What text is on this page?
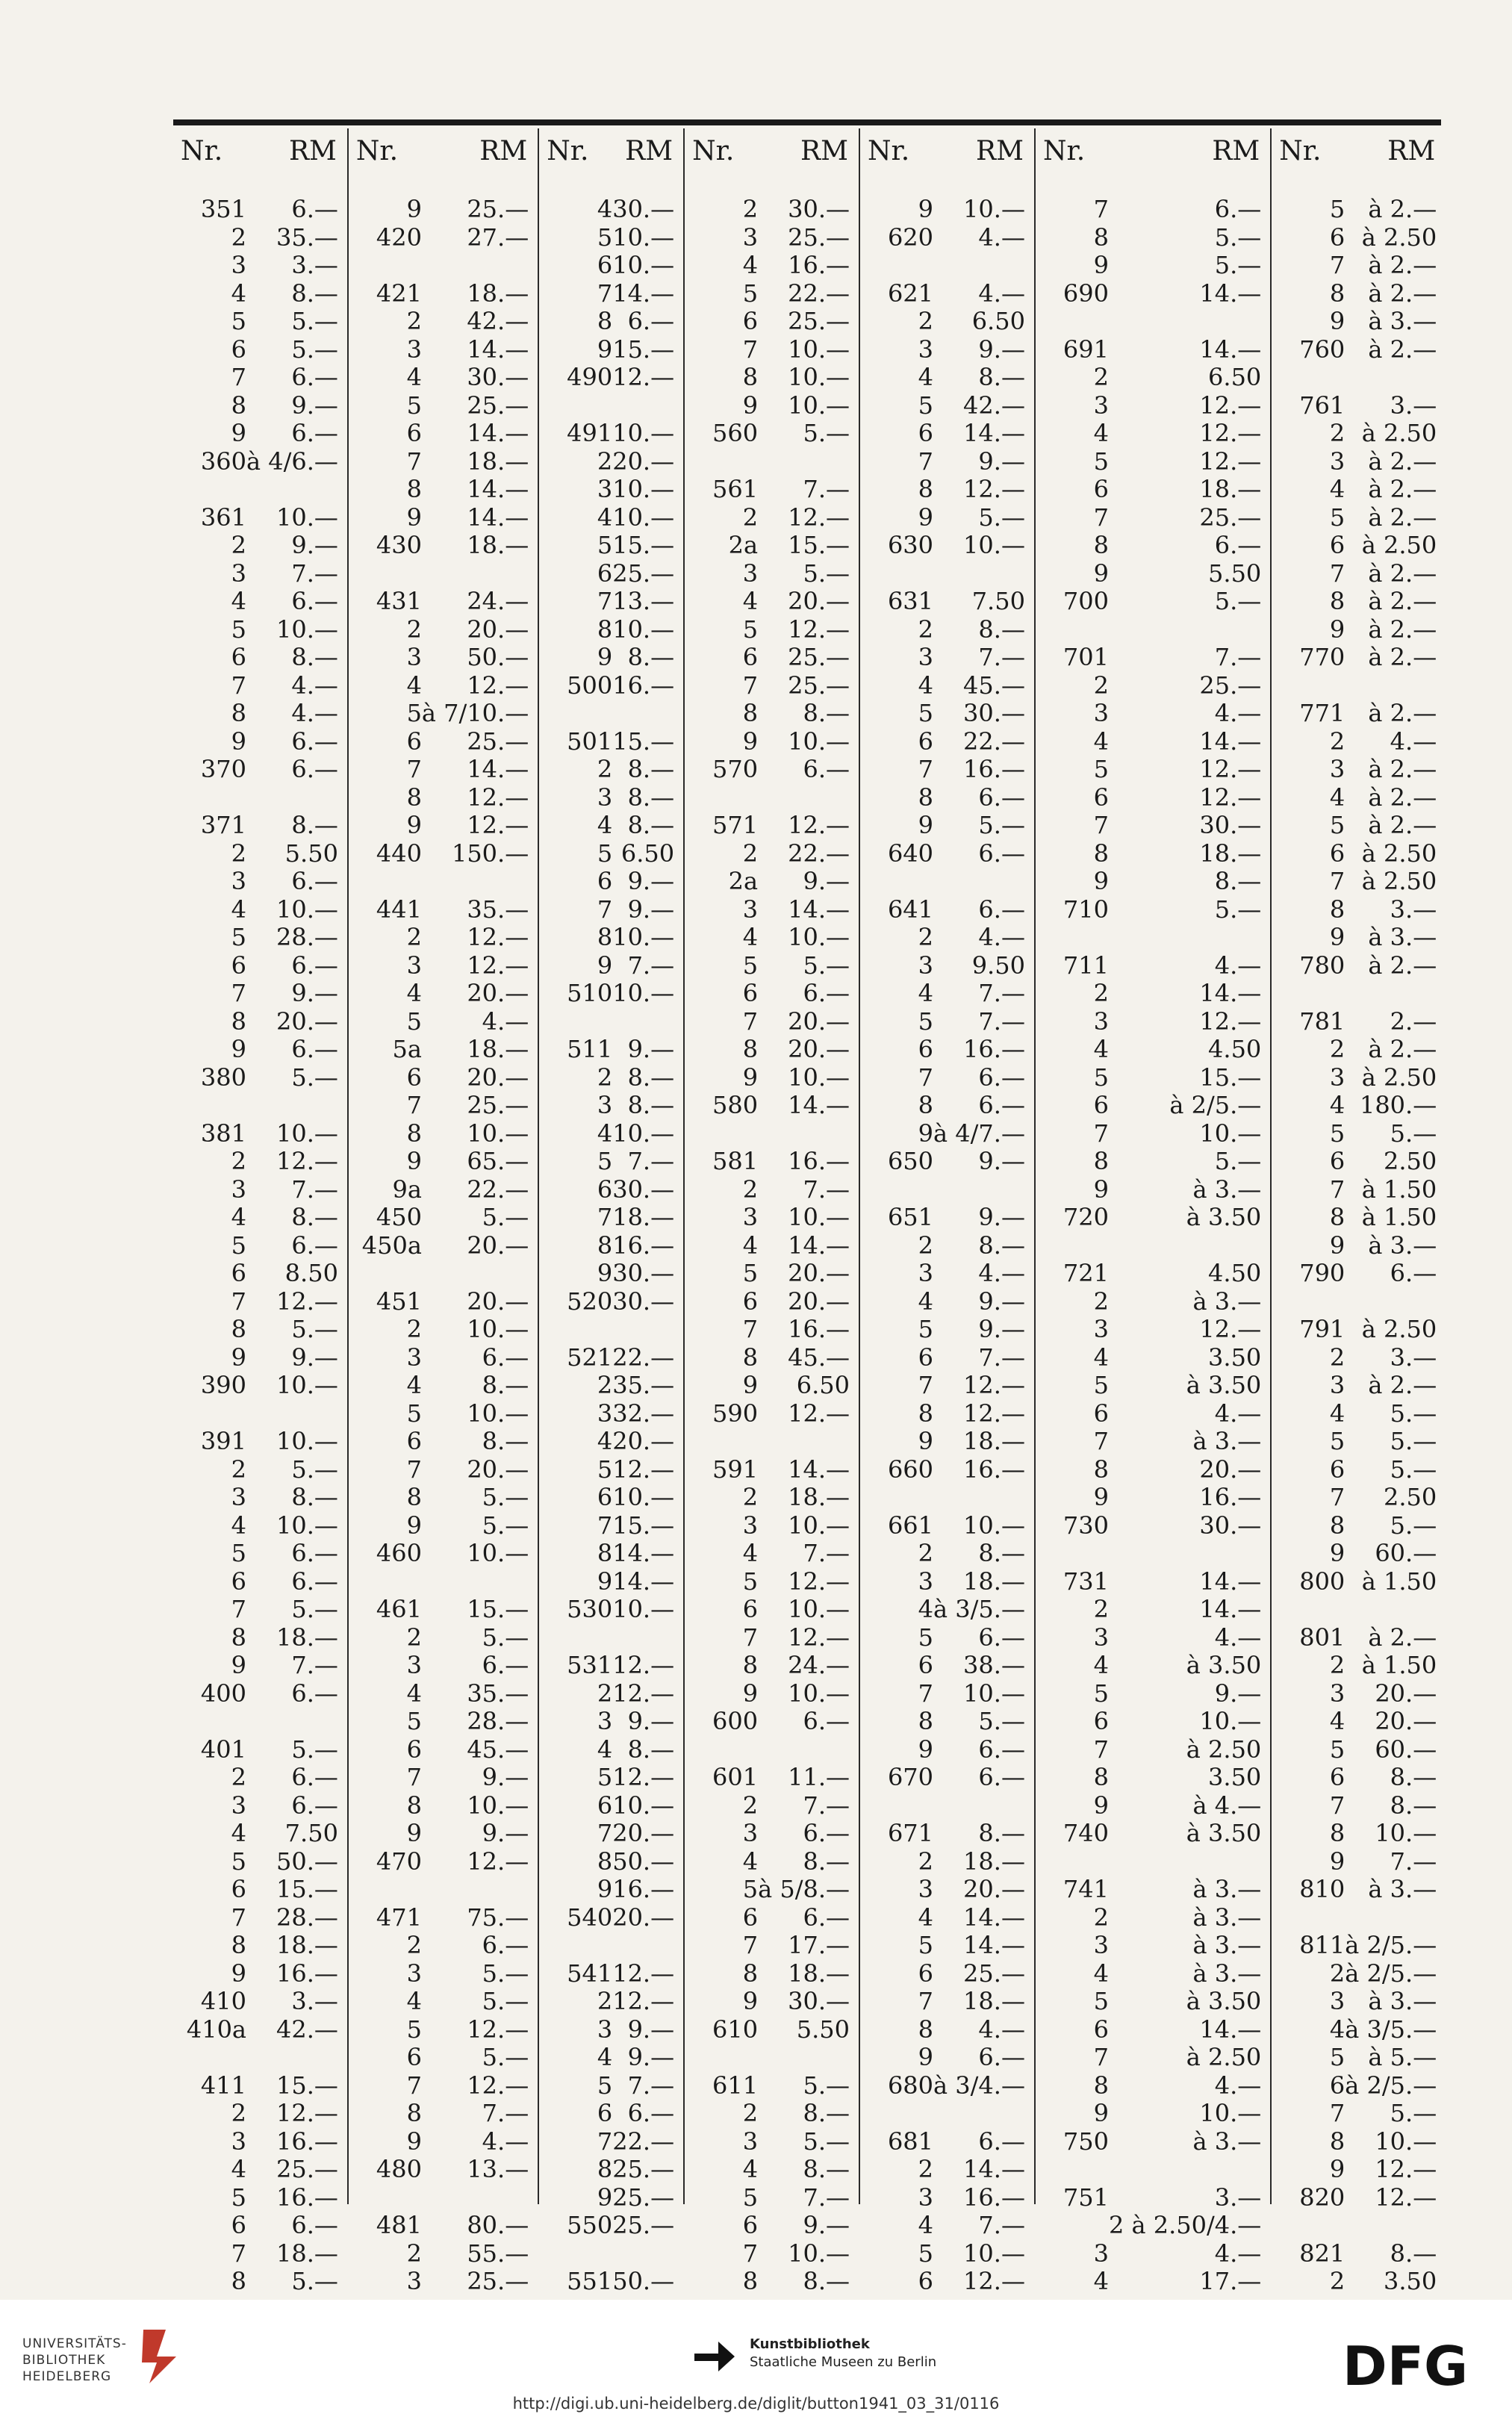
Nr. RM
351	6.—
2	35.—
3	3.—
4	8.—
5	5.—
6	5.—
7	6.—
8	9.—
9	6.—
360 à 4/6.—
361	10.—
2	9.—
3	7.—
4	6.—
5	10.—
6	8.—
7	4.—
8	4.—
9	6.—
370	6.—
371	8.—
2	5.50
3	6.—
4	10.—
5	28.—
6	6.—
7	9.—
8	20.—
9	6.—
380	5.—
381	10.—
2	12.—
3	7.—
4	8.—
5	6.—
6	8.50
7	12.—
8	5.—
9	9.—
390	10.—
391	10.—
2	5.—
3	8.—
4	10.—
5	6.—
6	6.—
7	5.—
8	18.—
9	7.—
400	6.—
401	5.—
2	6.—
3	6.—
4	7.50
5	50.—
6	15.—
7	28.—
8	18.—
9	16.—
410	3.—
410a	42.—
411	15.—
2	12.—
3	16.—
4	25.—
5	16.—
6	6.—
7	18.—
8	5.—
Nr.	RM
9	25.—
420	27.—
421	18.—
2	42.—
3	14.—
4	30.—
5	25.—
6	14.—
7	18.—
8	14.—
9	14.—
430	18.—
431	24.—
2	20.—
3	50.—
4	12.—
5 à 7/10.—
6	25.—
7	14.—
8	12.—
9	12.—
440	150.—
441	35.—
2	12.—
3	12.—
4	20.—
5	4.—
5a	18.—
6	20.—
7	25.—
8	10.—
9	65.—
9a	22.—
450	5.—
450a	20.—
451	20.—
2	10.—
3	6.—
4	8.—
5	10.—
6	8.—
7	20.—
8	5.—
9	5.—
460	10.—
461	15.—
2	5.—
3	6.—
4	35.—
5	28.—
6	45.—
7	9.—
8	10.—
9	9.—
470	12.—
471	75.—
2	6.—
3	5.—
4	5.—
5	12.—
6	5.—
7	12.—
8	7.—
9	4.—
480	13.—
481	80.—
2	55.—
3	25.—
Nr. RM
4 30.—
5 10.—
6 10.—
7 14.—
8 6.—
9 15.—
490 12.—
491 10.—
2 20.—
3 10.—
4 10.—
5 15.—
6 25.—
7 13.—
8 10.—
9 8.—
500 16.—
501 15.—
2 8.—
3 8.—
4 8.—
5 6.50
6 9.—
7 9.—
8 10.—
9 7.—
510 10.—
511 9.—
2 8.—
3 8.—
4 10.—
5 7.—
6 30.—
7 18.—
8 16.—
9 30.—
520 30.—
521 22.—
2 35.—
3 32.—
4 20.—
5 12.—
6 10.—
7 15.—
8 14.—
9 14.—
530 10.—
531 12.—
2 12.—
3 9.—
4 8.—
5 12.—
6 10.—
7 20.—
8 50.—
9 16.—
540 20.—
541 12.—
2 12.—
3 9.—
4 9.—
5 7.—
6 6.—
7 22.—
8 25.—
9 25.—
550 25.—
551 50.—
Nr. RM
2	30.—
3	25.—
4	16.—
5	22.—
6	25.—
7	10.—
8	10.—
9	10.—
560	5.—
561	7.—
2	12.—
2a	15.—
3	5.—
4	20.—
5	12.—
6	25.—
7	25.—
8	8.—
9	10.—
570	6.—
571	12.—
2	22.—
2a	9.—
3	14.—
4	10.—
5	5.—
6	6.—
7	20.—
8	20.—
9	10.—
580	14.—
581	16.—
2	7.—
3	10.—
4	14.—
5	20.—
6	20.—
7	16.—
8	45.—
9	6.50
590	12.—
591	14.—
2	18.—
3	10.—
4	7.—
5	12.—
6	10.—
7	12.—
8	24.—
9	10.—
600	6.—
601	11.—
2	7.—
3	6.—
4	8.—
5 à 5/8.—
6	6.—
7	17.—
8	18.—
9	30.—
610	5.50
611	5.—
2	8.—
3	5.—
4	8.—
5	7.—
6	9.—
7	10.—
8	8.—
Nr. RM
9	10.—
620	4.—
621	4.—
2	6.50
3	9.—
4	8.—
5	42.—
6	14.—
7	9.—
8	12.—
9	5.—
630	10.—
631	7.50
2	8.—
3	7.—
4	45.—
5	30.—
6	22.—
7	16.—
8	6.—
9	5.—
640	6.—
641	6.—
2	4.—
3	9.50
4	7.—
5	7.—
6	16.—
7	6.—
8	6.—
9 à 4/7.—
650	9.—
651	9.—
2	8.—
3	4.—
4	9.—
5	9.—
6	7.—
7	12.—
8	12.—
9	18.—
660	16.—
661	10.—
2	8.—
3	18.—
4 à 3/5.—
5	6.—
6	38.—
7	10.—
8	5.—
9	6.—
670	6.—
671	8.—
2	18.—
3	20.—
4	14.—
5	14.—
6	25.—
7	18.—
8	4.—
9	6.—
680 à 3/4.—
681	6.—
2	14.—
3	16.—
4	7.—
5	10.—
6	12.—
Nr.	RM
7	6.—
8	5.—
9	5.—
690	14.—
691	14.—
2	6.50
3	12.—
4	12.—
5	12.—
6	18.—
7	25.—
8	6.—
9	5.50
700	5.—
701	7.—
2	25.—
3	4.—
4	14.—
5	12.—
6	12.—
7	30.—
8	18.—
9	8.—
710	5.—
711	4.—
2	14.—
3	12.—
4	4.50
5	15.—
6	à 2/5.—
7	10.—
8	5.—
9	à 3.—
720	à 3.50
721	4.50
2	à 3.—
3	12.—
4	3.50
5	à 3.50
6	4.—
7	à 3.—
8	20.—
9	16.—
730	30.—
731	14.—
2	14.—
3	4.—
4	à 3.50
5	9.—
6	10.—
7	à 2.50
8	3.50
9	à 4.—
740	à 3.50
741	à 3.—
2	à 3.—
3	à 3.—
4	à 3.—
5	à 3.50
6	14.—
7	à 2.50
8	4.—
9	10.—
750	à 3.—
751	3.—
2 à 2.50/4.—
3	4.—
4	17.—
Nr. RM
5 à 2.—
6 à 2.50
7 à 2.—
8 à 2.—
9 à 3.—
760 à 2.—
761	3.—
2 à 2.50
3 à 2.—
4 à 2.—
5 à 2.—
6 à 2.50
7 à 2.—
8 à 2.—
9 à 2.—
770 à 2.—
771 à 2.—
2	4.—
3 à 2.—
4 à 2.—
5 à 2.—
6 à 2.50
7 à 2.50
8	3.—
9 à 3.—
780 à 2.—
781	2.—
2 à 2.—
3 à 2.50
4 180.—
5	5.—
6	2.50
7 à 1.50
8 à 1.50
9 à 3.—
790	6.—
791 à 2.50
2	3.—
3 à 2.—
4	5.—
5	5.—
6	5.—
7	2.50
8	5.—
9	60.—
800 à 1.50
801 à 2.—
2 à 1.50
3	20.—
4	20.—
5	60.—
6	8.—
7	8.—
8	10.—
9	7.—
810 à 3.—
811 à 2/5.—
2 à 2/5.—
3 à 3.—
4 à 3/5.—
5 à 5.—
6 à 2/5.—
7	5.—
8	10.—
9	12.—
820	12.—
821	8.—
2	3.50
UNIVERSITÄTS-
BIBLIOTHEK
HEIDELBERG
Kunstbibliothek
Staatliche Museen zu Berlin	DFG
http://digi.ub.uni-heidelberg.de/diglit/button1941_03_31/0116
